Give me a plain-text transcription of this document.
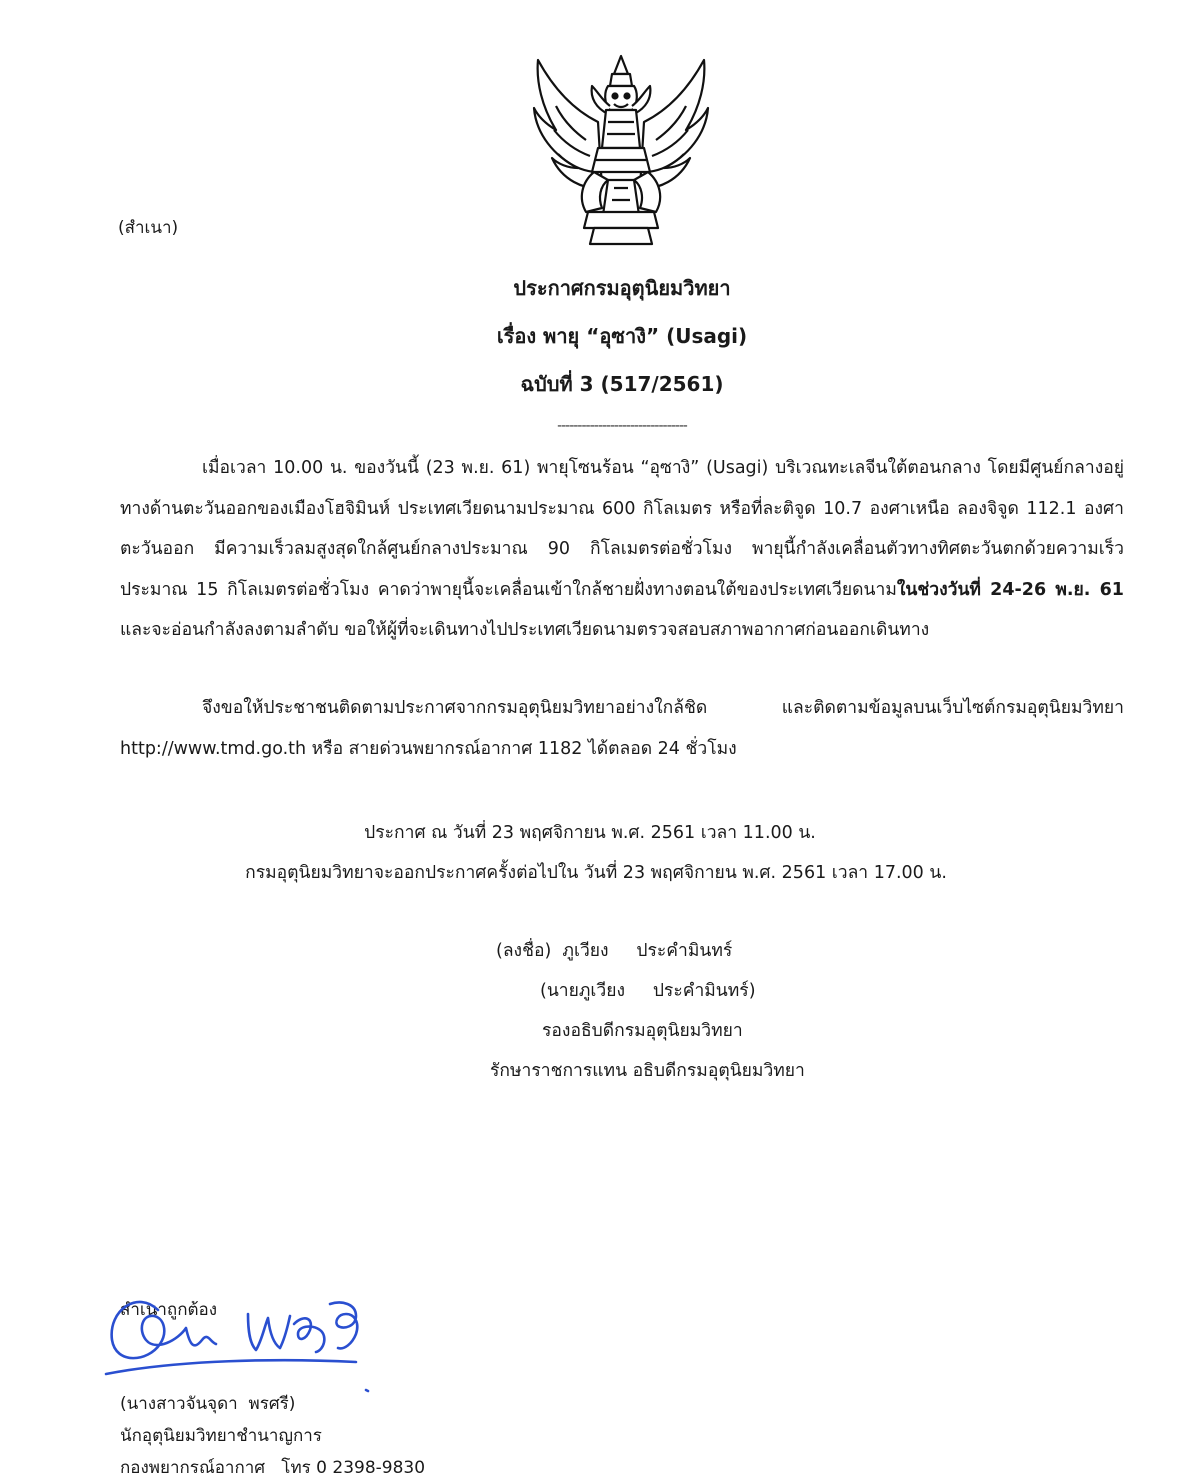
(สำเนา)
ประกาศกรมอุตุนิยมวิทยา
เรื่อง พายุ “อุซางิ” (Usagi)
ฉบับที่ 3 (517/2561)
--------------------------------
เมื่อเวลา 10.00 น. ของวันนี้ (23 พ.ย. 61) พายุโซนร้อน “อุซางิ” (Usagi) บริเวณทะเลจีนใต้ตอนกลาง โดยมีศูนย์กลางอยู่ทางด้านตะวันออกของเมืองโฮจิมินห์ ประเทศเวียดนามประมาณ 600 กิโลเมตร หรือที่ละติจูด 10.7 องศาเหนือ ลองจิจูด 112.1 องศาตะวันออก มีความเร็วลมสูงสุดใกล้ศูนย์กลางประมาณ 90 กิโลเมตรต่อชั่วโมง พายุนี้กำลังเคลื่อนตัวทางทิศตะวันตกด้วยความเร็ว ประมาณ 15 กิโลเมตรต่อชั่วโมง คาดว่าพายุนี้จะเคลื่อนเข้าใกล้ชายฝั่งทางตอนใต้ของประเทศเวียดนามในช่วงวันที่ 24-26 พ.ย. 61 และจะอ่อนกำลังลงตามลำดับ ขอให้ผู้ที่จะเดินทางไปประเทศเวียดนามตรวจสอบสภาพอากาศก่อนออกเดินทาง
จึงขอให้ประชาชนติดตามประกาศจากกรมอุตุนิยมวิทยาอย่างใกล้ชิด และติดตามข้อมูลบนเว็บไซต์กรมอุตุนิยมวิทยา http://www.tmd.go.th หรือ สายด่วนพยากรณ์อากาศ 1182 ได้ตลอด 24 ชั่วโมง
ประกาศ ณ วันที่ 23 พฤศจิกายน พ.ศ. 2561 เวลา 11.00 น.
กรมอุตุนิยมวิทยาจะออกประกาศครั้งต่อไปใน วันที่ 23 พฤศจิกายน พ.ศ. 2561 เวลา 17.00 น.
(ลงชื่อ)  ภูเวียง     ประคำมินทร์
(นายภูเวียง     ประคำมินทร์)
รองอธิบดีกรมอุตุนิยมวิทยา
รักษาราชการแทน อธิบดีกรมอุตุนิยมวิทยา
สำเนาถูกต้อง
(นางสาวจันจุดา  พรศรี)
นักอุตุนิยมวิทยาชำนาญการ
กองพยากรณ์อากาศ   โทร 0 2398-9830
